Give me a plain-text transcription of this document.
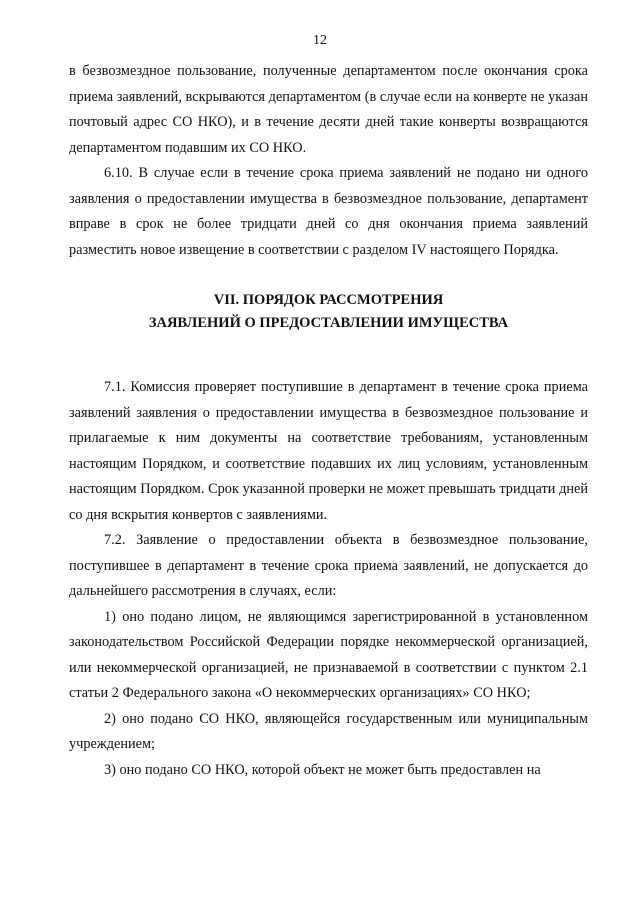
12

в безвозмездное пользование, полученные департаментом после окончания срока приема заявлений, вскрываются департаментом (в случае если на конверте не указан почтовый адрес СО НКО), и в течение десяти дней такие конверты возвращаются департаментом подавшим их СО НКО.

6.10. В случае если в течение срока приема заявлений не подано ни одного заявления о предоставлении имущества в безвозмездное пользование, департамент вправе в срок не более тридцати дней со дня окончания приема заявлений разместить новое извещение в соответствии с разделом IV настоящего Порядка.

VII. ПОРЯДОК РАССМОТРЕНИЯ

ЗАЯВЛЕНИЙ О ПРЕДОСТАВЛЕНИИ ИМУЩЕСТВА

7.1. Комиссия проверяет поступившие в департамент в течение срока приема заявлений заявления о предоставлении имущества в безвозмездное пользование и прилагаемые к ним документы на соответствие требованиям, установленным настоящим Порядком, и соответствие подавших их лиц условиям, установленным настоящим Порядком. Срок указанной проверки не может превышать тридцати дней со дня вскрытия конвертов с заявлениями.

7.2. Заявление о предоставлении объекта в безвозмездное пользование, поступившее в департамент в течение срока приема заявлений, не допускается до дальнейшего рассмотрения в случаях, если:

1) оно подано лицом, не являющимся зарегистрированной в установленном законодательством Российской Федерации порядке некоммерческой организацией, или некоммерческой организацией, не признаваемой в соответствии с пунктом 2.1 статьи 2 Федерального закона «О некоммерческих организациях» СО НКО;

2) оно подано СО НКО, являющейся государственным или муниципальным учреждением;

3) оно подано СО НКО, которой объект не может быть предоставлен на
